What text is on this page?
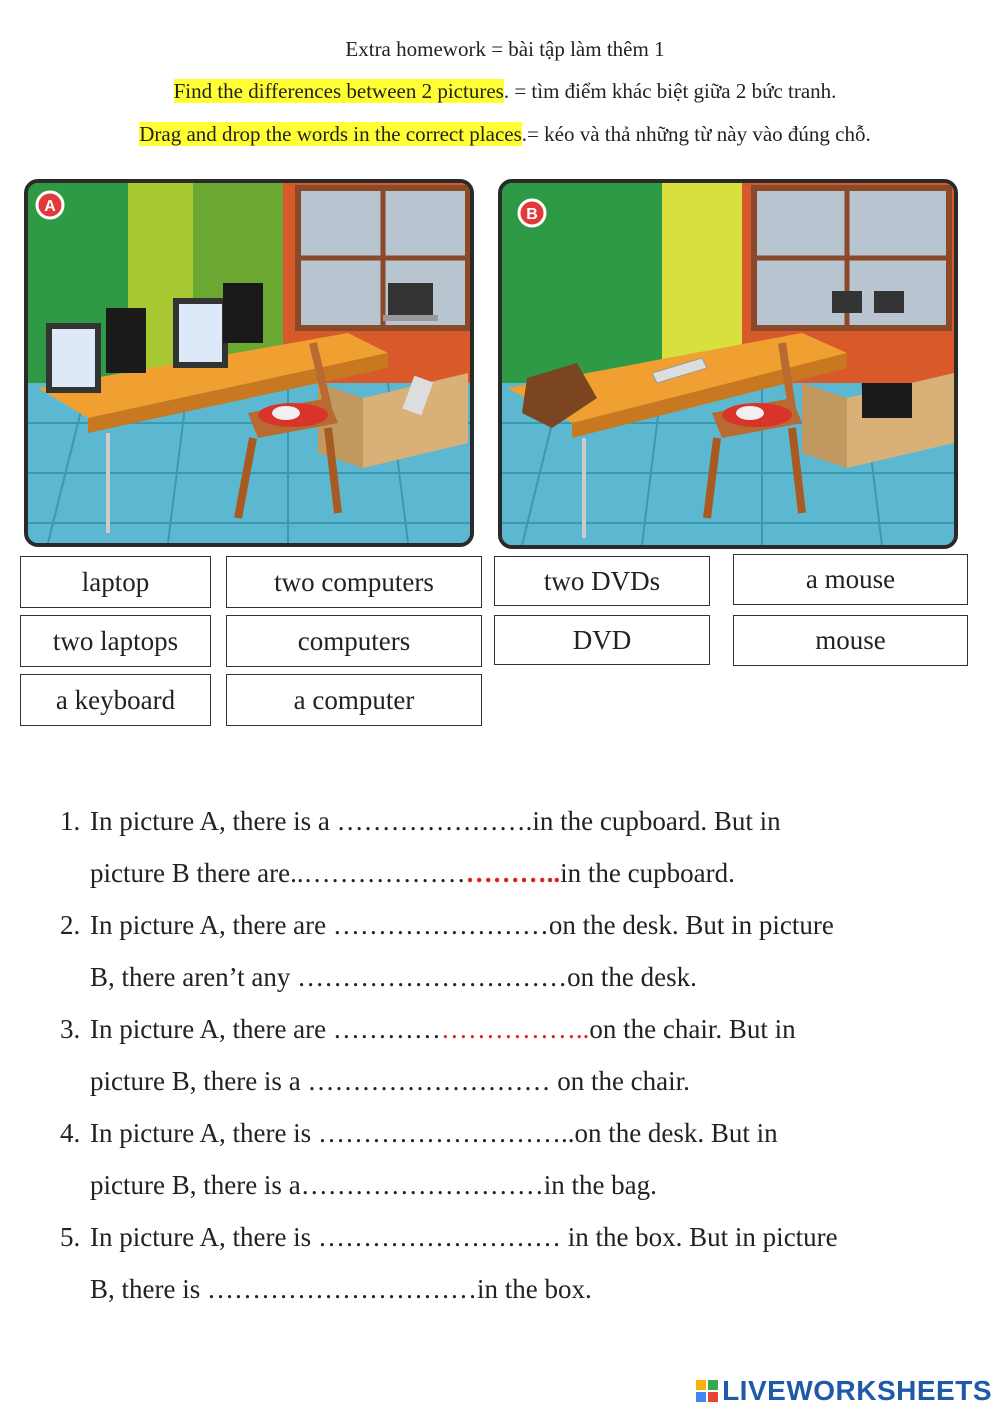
Extra homework = bài tập làm thêm 1
Find the differences between 2 pictures. = tìm điểm khác biệt giữa 2 bức tranh.
Drag and drop the words in the correct places.= kéo và thả những từ này vào đúng chỗ.
A	B
laptop	two computers	two DVDs	a mouse
two laptops	computers	DVD	mouse
a keyboard	a computer
1. In picture A, there is a ………………….in the cupboard. But in
picture B there are..………………………..in the cupboard.
2. In picture A, there are ……………………on the desk. But in picture
B, there aren’t any …………………………on the desk.
3. In picture A, there are ………………………..on the chair. But in
picture B, there is a ……………………… on the chair.
4. In picture A, there is ………………………..on the desk. But in
picture B, there is a………………………in the bag.
5. In picture A, there is ……………………… in the box. But in picture
B, there is …………………………in the box.
LIVEWORKSHEETS
